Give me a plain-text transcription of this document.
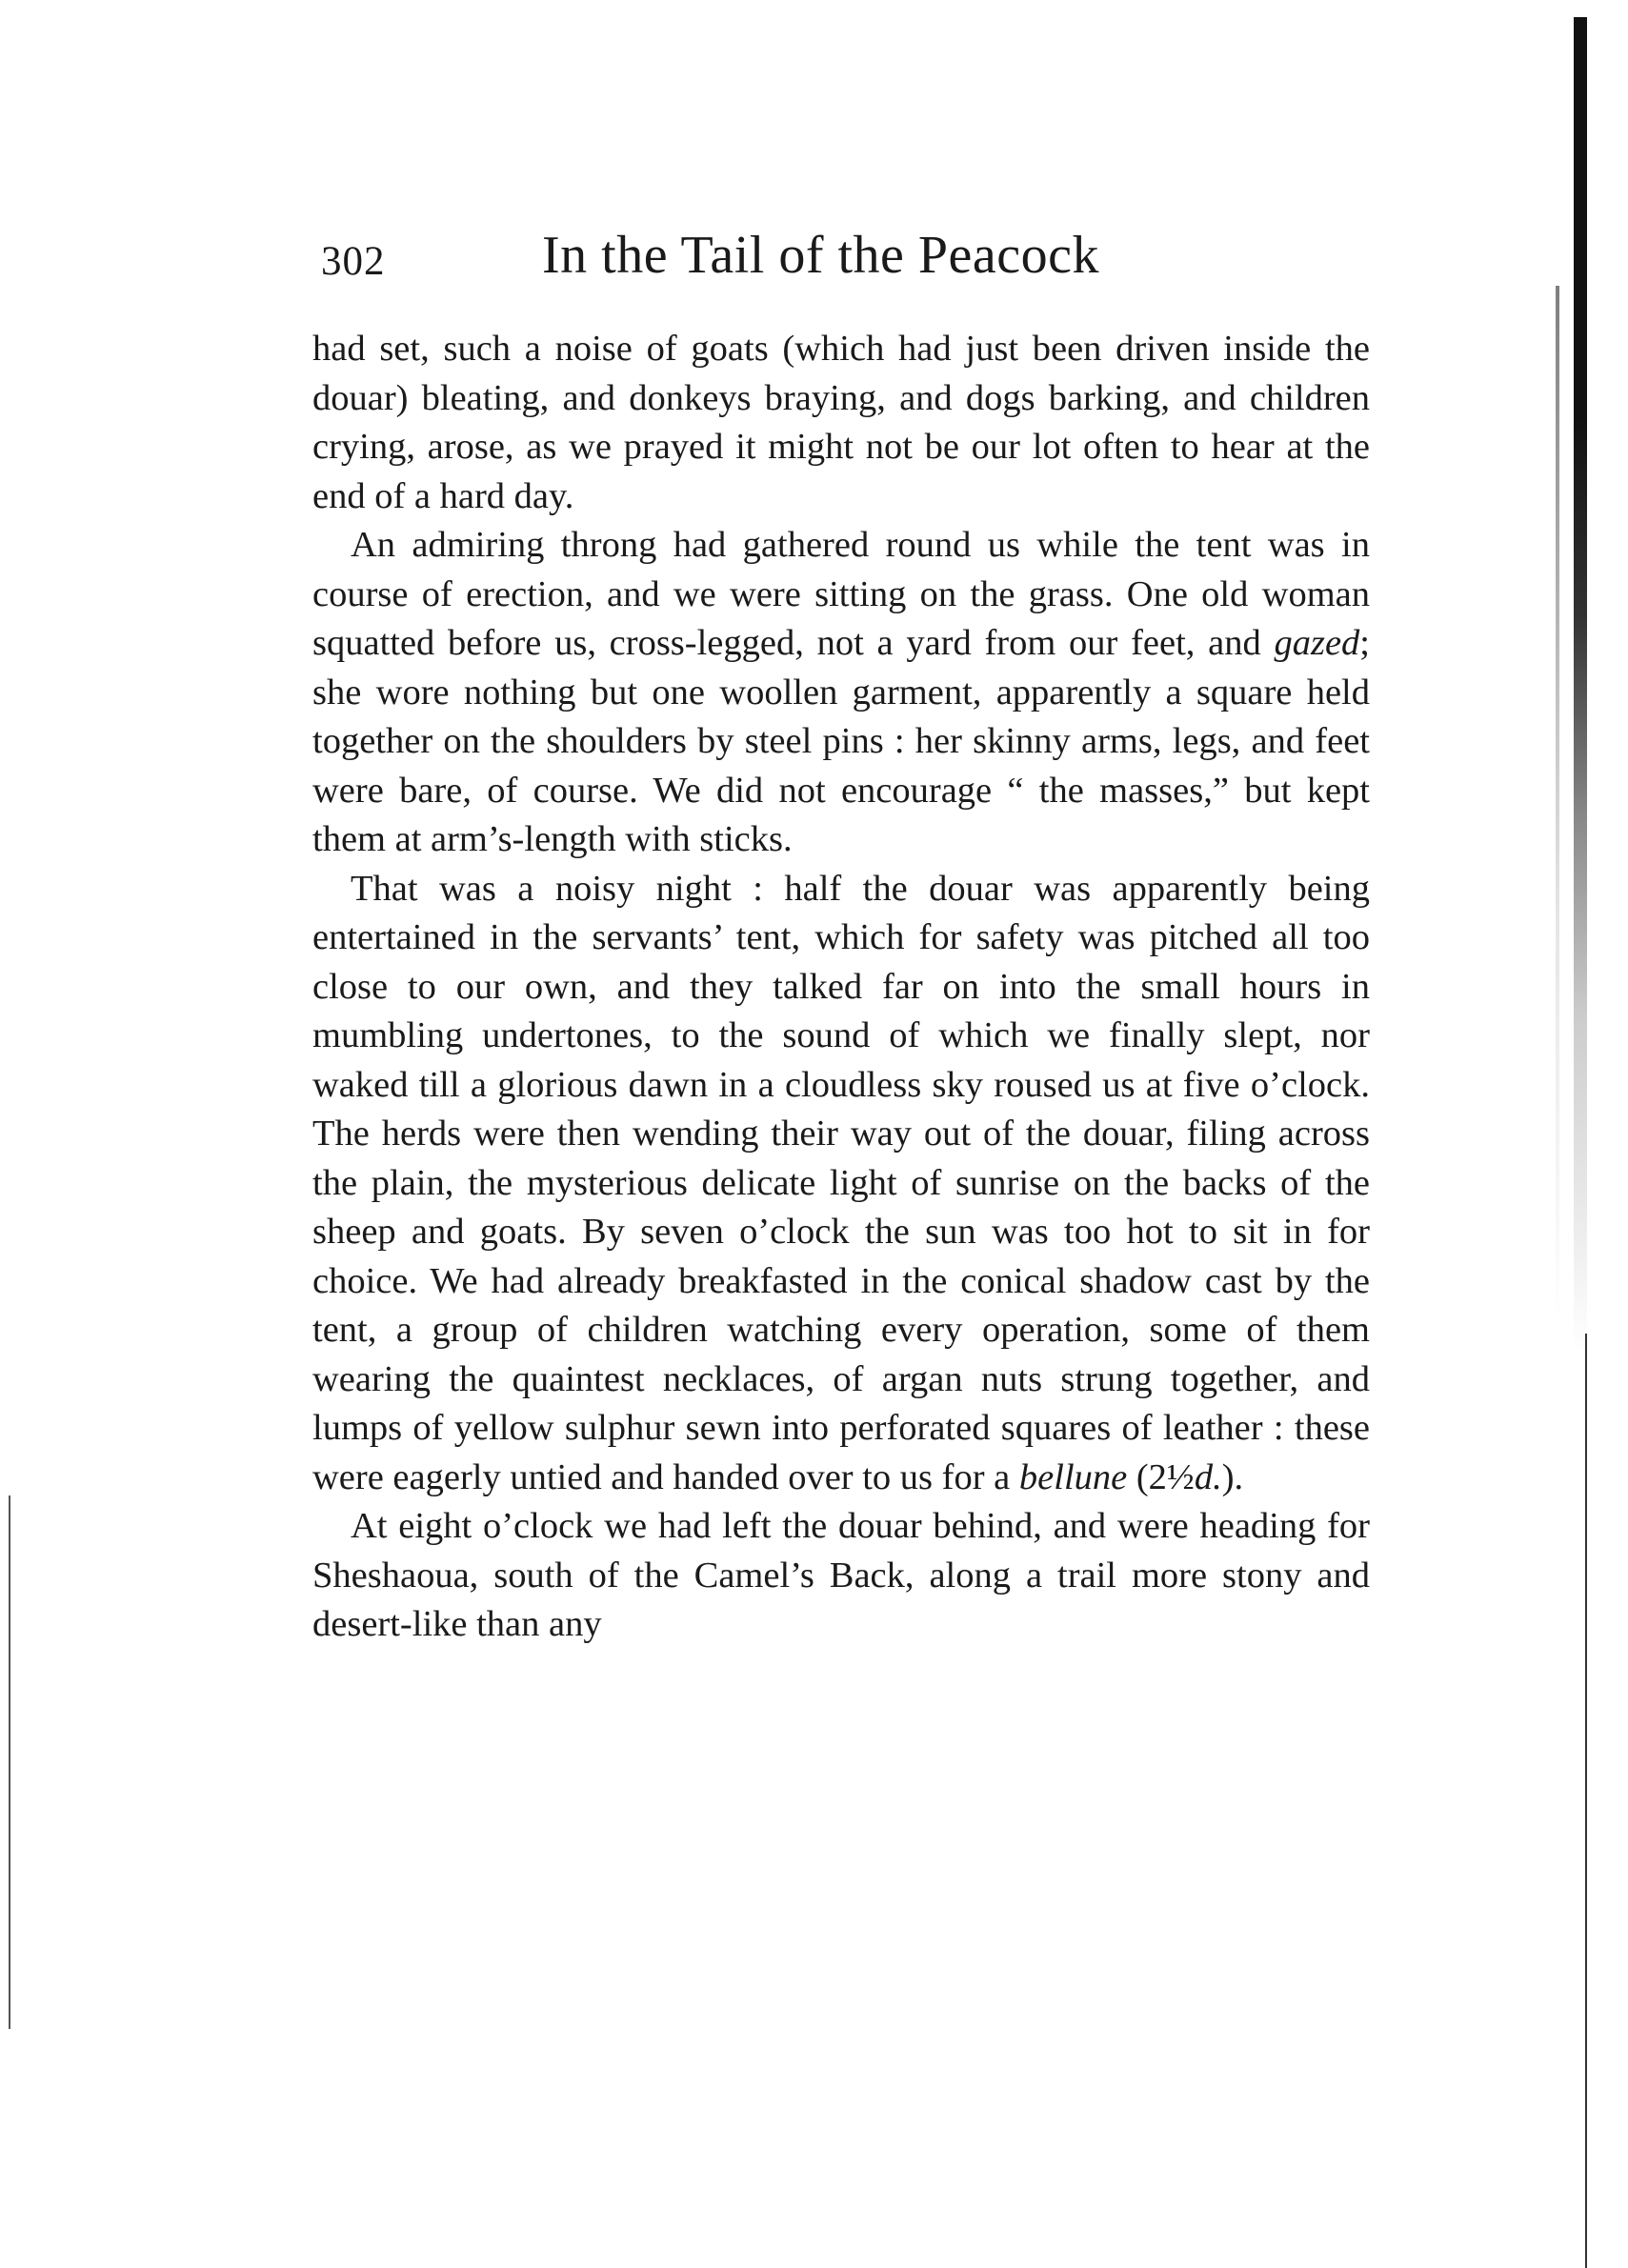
302	In the Tail of the Peacock

had set, such a noise of goats (which had just been driven inside the douar) bleating, and donkeys braying, and dogs barking, and children crying, arose, as we prayed it might not be our lot often to hear at the end of a hard day.

An admiring throng had gathered round us while the tent was in course of erection, and we were sitting on the grass. One old woman squatted before us, cross-legged, not a yard from our feet, and gazed; she wore nothing but one woollen garment, apparently a square held together on the shoulders by steel pins : her skinny arms, legs, and feet were bare, of course. We did not encourage “ the masses,” but kept them at arm’s-length with sticks.

That was a noisy night : half the douar was apparently being entertained in the servants’ tent, which for safety was pitched all too close to our own, and they talked far on into the small hours in mumbling undertones, to the sound of which we finally slept, nor waked till a glorious dawn in a cloudless sky roused us at five o’clock. The herds were then wending their way out of the douar, filing across the plain, the mysterious delicate light of sunrise on the backs of the sheep and goats. By seven o’clock the sun was too hot to sit in for choice. We had already breakfasted in the conical shadow cast by the tent, a group of children watching every operation, some of them wearing the quaintest necklaces, of argan nuts strung together, and lumps of yellow sulphur sewn into perforated squares of leather : these were eagerly untied and handed over to us for a bellune (2½d.).

At eight o’clock we had left the douar behind, and were heading for Sheshaoua, south of the Camel’s Back, along a trail more stony and desert-like than any
